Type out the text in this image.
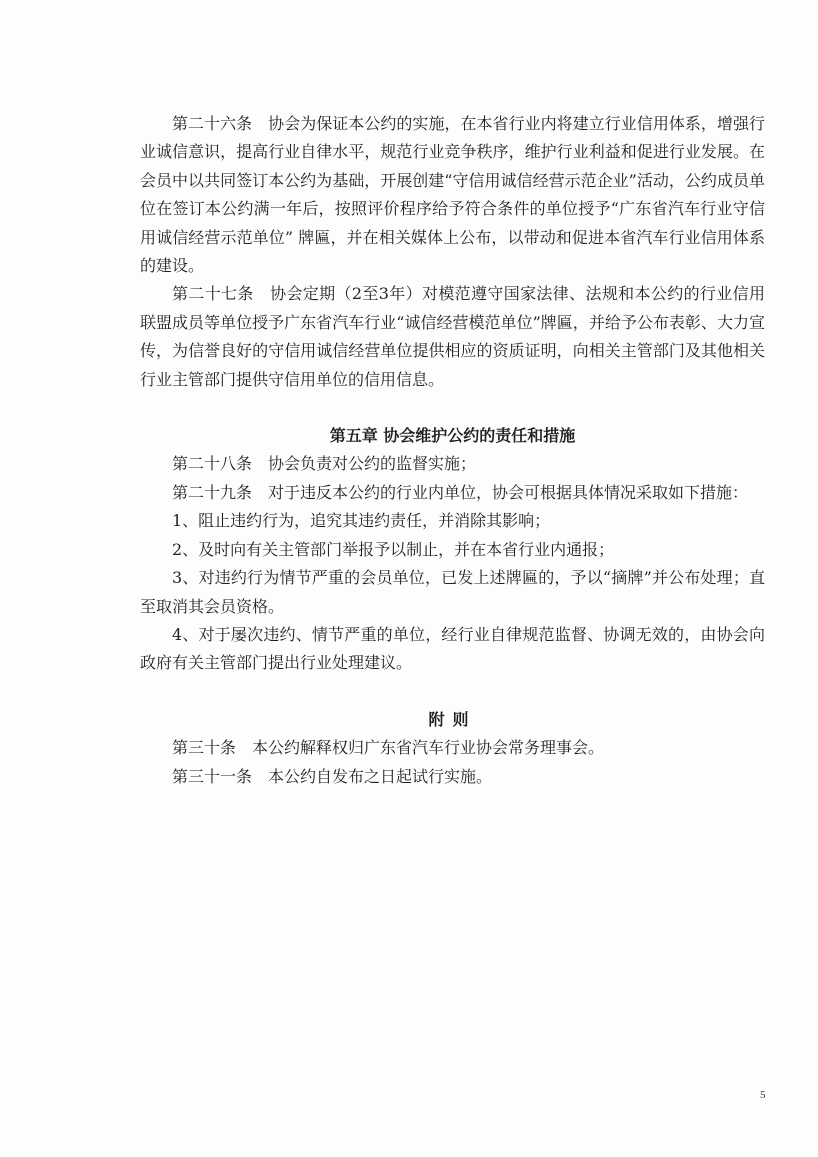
第二十六条　协会为保证本公约的实施，在本省行业内将建立行业信用体系，增强行业诚信意识，提高行业自律水平，规范行业竞争秩序，维护行业利益和促进行业发展。在会员中以共同签订本公约为基础，开展创建“守信用诚信经营示范企业”活动，公约成员单位在签订本公约满一年后，按照评价程序给予符合条件的单位授予“广东省汽车行业守信用诚信经营示范单位” 牌匾，并在相关媒体上公布，以带动和促进本省汽车行业信用体系的建设。

第二十七条　协会定期（2至3年）对模范遵守国家法律、法规和本公约的行业信用联盟成员等单位授予广东省汽车行业“诚信经营模范单位”牌匾，并给予公布表彰、大力宣传，为信誉良好的守信用诚信经营单位提供相应的资质证明，向相关主管部门及其他相关行业主管部门提供守信用单位的信用信息。

第五章 协会维护公约的责任和措施

第二十八条　协会负责对公约的监督实施；

第二十九条　对于违反本公约的行业内单位，协会可根据具体情况采取如下措施：

1、阻止违约行为，追究其违约责任，并消除其影响；

2、及时向有关主管部门举报予以制止，并在本省行业内通报；

3、对违约行为情节严重的会员单位，已发上述牌匾的，予以“摘牌”并公布处理；直至取消其会员资格。

4、对于屡次违约、情节严重的单位，经行业自律规范监督、协调无效的，由协会向政府有关主管部门提出行业处理建议。

附则

第三十条　本公约解释权归广东省汽车行业协会常务理事会。

第三十一条　本公约自发布之日起试行实施。

5
